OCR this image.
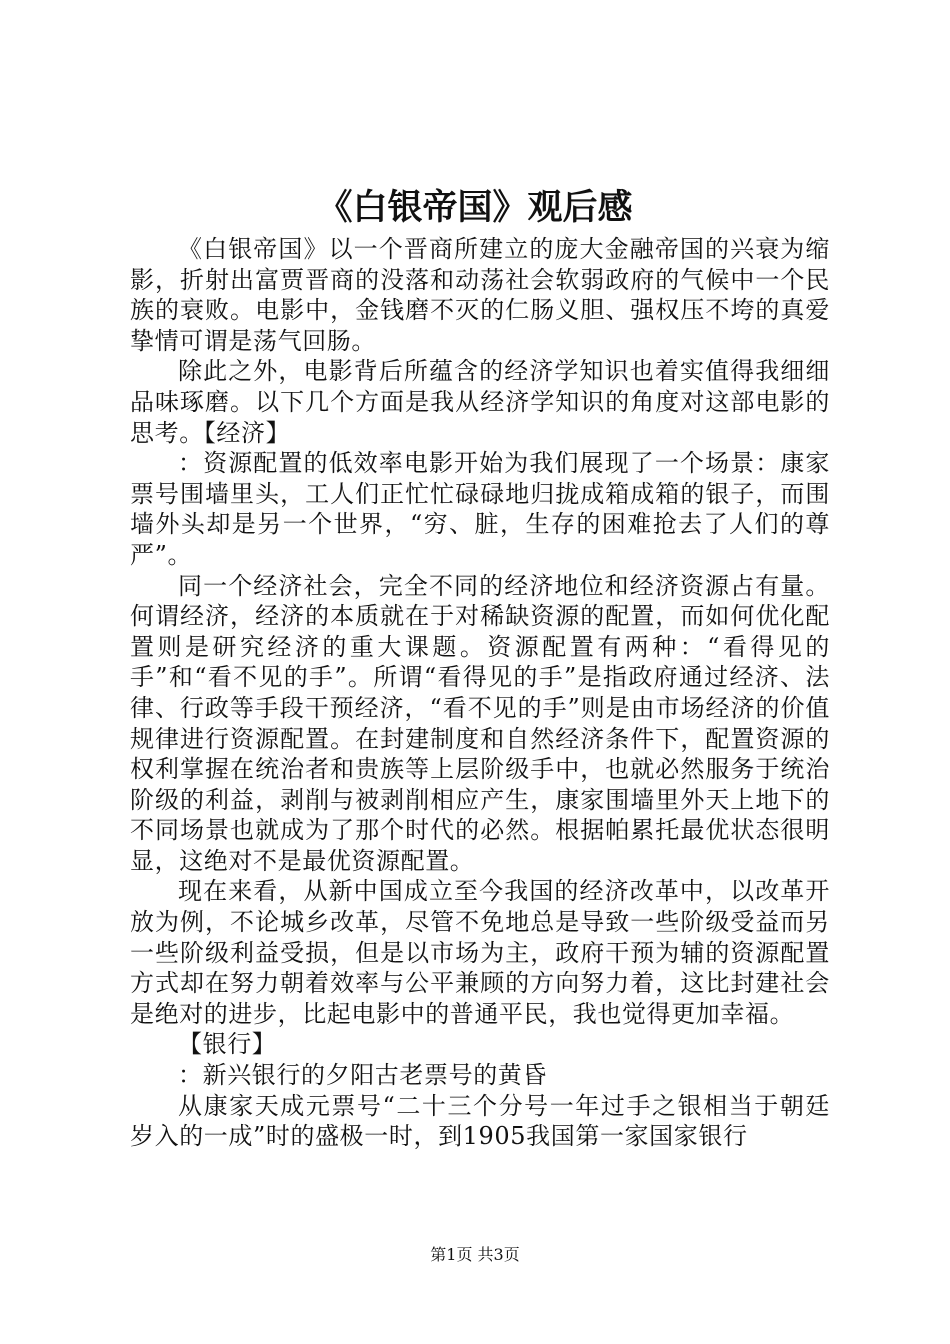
《白银帝国》观后感

《白银帝国》以一个晋商所建立的庞大金融帝国的兴衰为缩影，折射出富贾晋商的没落和动荡社会软弱政府的气候中一个民族的衰败。电影中，金钱磨不灭的仁肠义胆、强权压不垮的真爱挚情可谓是荡气回肠。

除此之外，电影背后所蕴含的经济学知识也着实值得我细细品味琢磨。以下几个方面是我从经济学知识的角度对这部电影的思考。【经济】

：资源配置的低效率电影开始为我们展现了一个场景：康家票号围墙里头，工人们正忙忙碌碌地归拢成箱成箱的银子，而围墙外头却是另一个世界，“穷、脏，生存的困难抢去了人们的尊严”。

同一个经济社会，完全不同的经济地位和经济资源占有量。何谓经济，经济的本质就在于对稀缺资源的配置，而如何优化配置则是研究经济的重大课题。资源配置有两种：“看得见的手”和“看不见的手”。所谓“看得见的手”是指政府通过经济、法律、行政等手段干预经济，“看不见的手”则是由市场经济的价值规律进行资源配置。在封建制度和自然经济条件下，配置资源的权利掌握在统治者和贵族等上层阶级手中，也就必然服务于统治阶级的利益，剥削与被剥削相应产生，康家围墙里外天上地下的不同场景也就成为了那个时代的必然。根据帕累托最优状态很明显，这绝对不是最优资源配置。

现在来看，从新中国成立至今我国的经济改革中，以改革开放为例，不论城乡改革，尽管不免地总是导致一些阶级受益而另一些阶级利益受损，但是以市场为主，政府干预为辅的资源配置方式却在努力朝着效率与公平兼顾的方向努力着，这比封建社会是绝对的进步，比起电影中的普通平民，我也觉得更加幸福。

【银行】

：新兴银行的夕阳古老票号的黄昏

从康家天成元票号“二十三个分号一年过手之银相当于朝廷岁入的一成”时的盛极一时，到1905我国第一家国家银行

第1页 共3页
